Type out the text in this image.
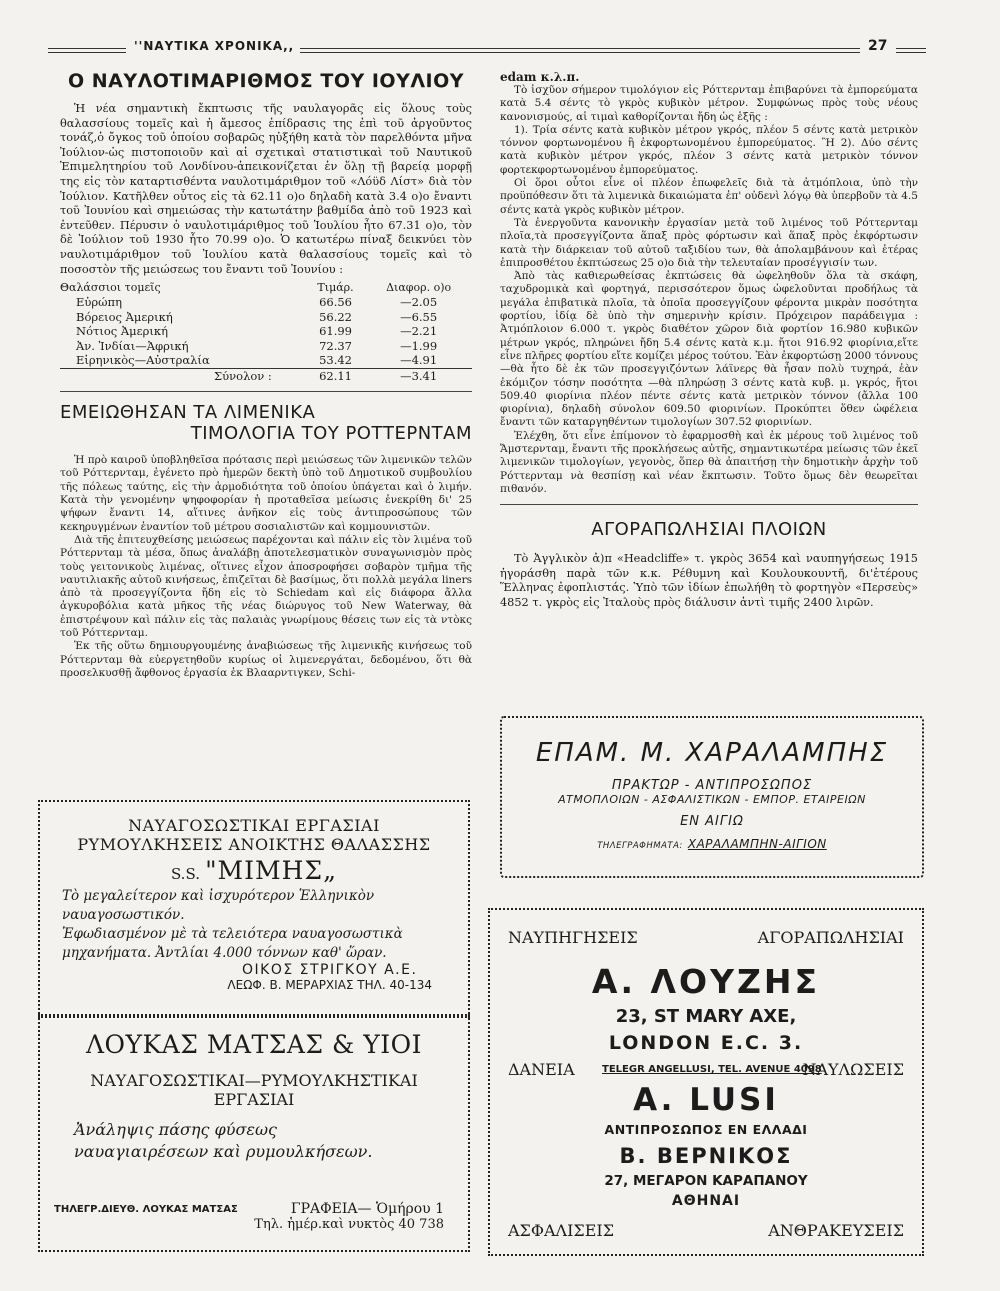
''ΝΑΥΤΙΚΑ ΧΡΟΝΙΚΑ,,	27
Ο ΝΑΥΛΟΤΙΜΑΡΙΘΜΟΣ ΤΟΥ ΙΟΥΛΙΟΥ

Ἡ νέα σημαντικὴ ἔκπτωσις τῆς ναυλαγορᾶς εἰς ὅλους τοὺς θαλασσίους τομεῖς καὶ ἡ ἄμεσος ἐπίδρασις της ἐπὶ τοῦ ἀργοῦντος τονάζ,ὁ ὄγκος τοῦ ὁποίου σοβαρῶς ηὐξήθη κατὰ τὸν παρελθόντα μῆνα Ἰούλιον-ὡς πιστοποιοῦν καὶ αἱ σχετικαὶ στατιστικαὶ τοῦ Ναυτικοῦ Ἐπιμελητηρίου τοῦ Λονδίνου-ἀπεικονίζεται ἐν ὅλῃ τῇ βαρείᾳ μορφῇ της εἰς τὸν καταρτισθέντα ναυλοτιμάριθμον τοῦ «Λόϋδ Λίστ» διὰ τὸν Ἰούλιον. Κατῆλθεν οὗτος εἰς τὰ 62.11 ο)ο δηλαδὴ κατὰ 3.4 ο)ο ἔναντι τοῦ Ἰουνίου καὶ σημειώσας τὴν κατωτάτην βαθμίδα ἀπὸ τοῦ 1923 καὶ ἐντεῦθεν. Πέρυσιν ὁ ναυλοτιμάριθμος τοῦ Ἰουλίου ἦτο 67.31 ο)ο, τὸν δὲ Ἰούλιον τοῦ 1930 ἦτο 70.99 ο)ο. Ὁ κατωτέρω πίναξ δεικνύει τὸν ναυλοτιμάριθμον τοῦ Ἰουλίου κατὰ θαλασσίους τομεῖς καὶ τὸ ποσοστὸν τῆς μειώσεως του ἔναντι τοῦ Ἰουνίου :

Θαλάσσιοι τομεῖς	Τιμάρ.	Διαφορ. ο)ο
Εὐρώπη	66.56	—2.05
Βόρειος Ἀμερική	56.22	—6.55
Νότιος Ἀμερική	61.99	—2.21
Ἀν. Ἰνδίαι—Ἀφρική	72.37	—1.99
Εἰρηνικὸς—Αὐστραλία	53.42	—4.91
Σύνολον :	62.11	—3.41
ΕΜΕΙΩΘΗΣΑΝ ΤΑ ΛΙΜΕΝΙΚΑ
ΤΙΜΟΛΟΓΙΑ ΤΟΥ ΡΟΤΤΕΡΝΤΑΜ

Ἡ πρὸ καιροῦ ὑποβληθεῖσα πρότασις περὶ μειώσεως τῶν λιμενικῶν τελῶν τοῦ Ρόττερνταμ, ἐγένετο πρὸ ἡμερῶν δεκτὴ ὑπὸ τοῦ Δημοτικοῦ συμβουλίου τῆς πόλεως ταύτης, εἰς τὴν ἁρμοδιότητα τοῦ ὁποίου ὑπάγεται καὶ ὁ λιμήν. Κατὰ τὴν γενομένην ψηφοφορίαν ἡ προταθεῖσα μείωσις ἐνεκρίθη δι' 25 ψήφων ἔναντι 14, αἵτινες ἀνῆκον εἰς τοὺς ἀντιπροσώπους τῶν κεκηρυγμένων ἐναντίον τοῦ μέτρου σοσιαλιστῶν καὶ κομμουνιστῶν.

Διὰ τῆς ἐπιτευχθείσης μειώσεως παρέχονται καὶ πάλιν εἰς τὸν λιμένα τοῦ Ρόττερνταμ τὰ μέσα, ὅπως ἀναλάβῃ ἀποτελεσματικὸν συναγωνισμὸν πρὸς τοὺς γειτονικοὺς λιμένας, οἵτινες εἶχον ἀποσροφήσει σοβαρὸν τμῆμα τῆς ναυτιλιακῆς αὐτοῦ κινήσεως, ἐπιζεῖται δὲ βασίμως, ὅτι πολλὰ μεγάλα liners ἀπὸ τὰ προσεγγίζοντα ἤδη εἰς τὸ Schiedam καὶ εἰς διάφορα ἄλλα ἀγκυροβόλια κατὰ μῆκος τῆς νέας διώρυγος τοῦ New Waterway, θὰ ἐπιστρέψουν καὶ πάλιν εἰς τὰς παλαιὰς γνωρίμους θέσεις των εἰς τὰ ντὸκς τοῦ Ρόττερνταμ.

Ἐκ τῆς οὕτω δημιουργουμένης ἀναβιώσεως τῆς λιμενικῆς κινήσεως τοῦ Ρόττερνταμ θὰ εὐεργετηθοῦν κυρίως οἱ λιμενεργάται, δεδομένου, ὅτι θὰ προσελκυσθῇ ἄφθονος ἐργασία ἐκ Βλααρντιγκεν, Schi-

edam κ.λ.π.

Τὸ ἰσχῦον σήμερον τιμολόγιον εἰς Ρόττερνταμ ἐπιβαρύνει τὰ ἐμπορεύματα κατὰ 5.4 σέντς τὸ γκρὸς κυβικὸν μέτρον. Συμφώνως πρὸς τοὺς νέους κανονισμούς, αἱ τιμαὶ καθορίζονται ἤδη ὡς ἑξῆς :

1). Τρία σέντς κατὰ κυβικὸν μέτρον γκρός, πλέον 5 σέντς κατὰ μετρικὸν τόννον φορτωνομένου ἢ ἐκφορτωνομένου ἐμπορεύματος. Ἢ 2). Δύο σέντς κατὰ κυβικὸν μέτρον γκρός, πλέον 3 σέντς κατὰ μετρικὸν τόννον φορτεκφορτωνομένου ἐμπορεύματος.

Οἱ ὅροι οὗτοι εἶνε οἱ πλέον ἐπωφελεῖς διὰ τὰ ἀτμόπλοια, ὑπὸ τὴν προϋπόθεσιν ὅτι τὰ λιμενικὰ δικαιώματα ἐπ' οὐδενὶ λόγῳ θὰ ὑπερβοῦν τὰ 4.5 σέντς κατὰ γκρὸς κυβικὸν μέτρον.

Τὰ ἐνεργοῦντα κανονικὴν ἐργασίαν μετὰ τοῦ λιμένος τοῦ Ρόττερνταμ πλοῖα,τὰ προσεγγίζοντα ἅπαξ πρὸς φόρτωσιν καὶ ἅπαξ πρὸς ἐκφόρτωσιν κατὰ τὴν διάρκειαν τοῦ αὐτοῦ ταξιδίου των, θὰ ἀπολαμβάνουν καὶ ἑτέρας ἐπιπροσθέτου ἐκπτώσεως 25 ο)ο διὰ τὴν τελευταίαν προσέγγισίν των.

Ἀπὸ τὰς καθιερωθείσας ἐκπτώσεις θὰ ὠφεληθοῦν ὅλα τὰ σκάφη, ταχυδρομικὰ καὶ φορτηγά, περισσότερον ὅμως ὠφελοῦνται προδήλως τὰ μεγάλα ἐπιβατικὰ πλοῖα, τὰ ὁποῖα προσεγγίζουν φέροντα μικρὰν ποσότητα φορτίου, ἰδίᾳ δὲ ὑπὸ τὴν σημερινὴν κρίσιν. Πρόχειρον παράδειγμα : Ἀτμόπλοιον 6.000 τ. γκρὸς διαθέτον χῶρον διὰ φορτίον 16.980 κυβικῶν μέτρων γκρός, πληρώνει ἤδη 5.4 σέντς κατὰ κ.μ. ἤτοι 916.92 φιορίνια,εἴτε εἶνε πλῆρες φορτίου εἴτε κομίζει μέρος τούτου. Ἐὰν ἐκφορτώσῃ 2000 τόννους—θὰ ἦτο δὲ ἐκ τῶν προσεγγιζόντων λάϊνερς θὰ ἦσαν πολὺ τυχηρά, ἐὰν ἐκόμιζον τόσην ποσότητα —θὰ πληρώσῃ 3 σέντς κατὰ κυβ. μ. γκρός, ἤτοι 509.40 φιορίνια πλέον πέντε σέντς κατὰ μετρικὸν τόννον (ἄλλα 100 φιορίνια), δηλαδὴ σύνολον 609.50 φιορινίων. Προκύπτει ὅθεν ὠφέλεια ἔναντι τῶν καταργηθέντων τιμολογίων 307.52 φιορινίων.

Ἐλέχθη, ὅτι εἶνε ἐπίμονον τὸ ἐφαρμοσθὴ καὶ ἐκ μέρους τοῦ λιμένος τοῦ Ἄμστερνταμ, ἔναντι τῆς προκλήσεως αὐτῆς, σημαντικωτέρα μείωσις τῶν ἐκεῖ λιμενικῶν τιμολογίων, γεγονὸς, ὅπερ θὰ ἀπαιτήσῃ τὴν δημοτικὴν ἀρχὴν τοῦ Ρόττερνταμ νὰ θεσπίσῃ καὶ νέαν ἔκπτωσιν. Τοῦτο ὅμως δὲν θεωρεῖται πιθανόν.

ΑΓΟΡΑΠΩΛΗΣΙΑΙ ΠΛΟΙΩΝ

Τὸ Ἀγγλικὸν ἀ)π «Headcliffe» τ. γκρὸς 3654 καὶ ναυπηγήσεως 1915 ἠγοράσθη παρὰ τῶν κ.κ. Ρέθυμνη καὶ Κουλουκουντῆ, δι'ἑτέρους Ἕλληνας ἐφοπλιστάς. Ὑπὸ τῶν ἰδίων ἐπωλήθη τὸ φορτηγὸν «Περσεὺς» 4852 τ. γκρὸς εἰς Ἰταλοὺς πρὸς διάλυσιν ἀντὶ τιμῆς 2400 λιρῶν.

ΝΑΥΑΓΟΣΩΣΤΙΚΑΙ ΕΡΓΑΣΙΑΙ
ΡΥΜΟΥΛΚΗΣΕΙΣ ΑΝΟΙΚΤΗΣ ΘΑΛΑΣΣΗΣ
S.S. "ΜΙΜΗΣ„
Τὸ μεγαλείτερον καὶ ἰσχυρότερον Ἑλληνικὸν ναυαγοσωστικόν.
Ἐφωδιασμένον μὲ τὰ τελειότερα ναυαγοσωστικὰ μηχανήματα. Ἀντλίαι 4.000 τόννων καθ' ὥραν.
ΟΙΚΟΣ ΣΤΡΙΓΚΟΥ Α.Ε.
ΛΕΩΦ. Β. ΜΕΡΑΡΧΙΑΣ ΤΗΛ. 40-134
ΛΟΥΚΑΣ ΜΑΤΣΑΣ & ΥΙΟΙ
ΝΑΥΑΓΟΣΩΣΤΙΚΑΙ—ΡΥΜΟΥΛΚΗΣΤΙΚΑΙ
ΕΡΓΑΣΙΑΙ
Ἀνάληψις πάσης φύσεως ναυαγιαιρέσεων καὶ ρυμουλκήσεων.
ΤΗΛΕΓΡ.ΔΙΕΥΘ. ΛΟΥΚΑΣ ΜΑΤΣΑΣ	ΓΡΑΦΕΙΑ— Ὁμήρου 1
Τηλ. ἡμέρ.καὶ νυκτὸς 40 738
ΕΠΑΜ. Μ. ΧΑΡΑΛΑΜΠΗΣ
ΠΡΑΚΤΩΡ - ΑΝΤΙΠΡΟΣΩΠΟΣ
ΑΤΜΟΠΛΟΙΩΝ - ΑΣΦΑΛΙΣΤΙΚΩΝ - ΕΜΠΟΡ. ΕΤΑΙΡΕΙΩΝ
ΕΝ ΑΙΓΙΩ
ΤΗΛΕΓΡΑΦΗΜΑΤΑ: ΧΑΡΑΛΑΜΠΗΝ-ΑΙΓΙΟΝ
ΝΑΥΠΗΓΗΣΕΙΣ	ΑΓΟΡΑΠΩΛΗΣΙΑΙ
Α. ΛΟΥΖΗΣ
23, ST MARY AXE,
LONDON E.C. 3.
ΔΑΝΕΙΑ	TELEGR ANGELLUSI, TEL. AVENUE 4098
ΝΑΥΛΩΣΕΙΣ
A. LUSI
ΑΝΤΙΠΡΟΣΩΠΟΣ ΕΝ ΕΛΛΑΔΙ
Β. ΒΕΡΝΙΚΟΣ
27, ΜΕΓΑΡΟΝ ΚΑΡΑΠΑΝΟΥ
ΑΘΗΝΑΙ
ΑΣΦΑΛΙΣΕΙΣ	ΑΝΘΡΑΚΕΥΣΕΙΣ
